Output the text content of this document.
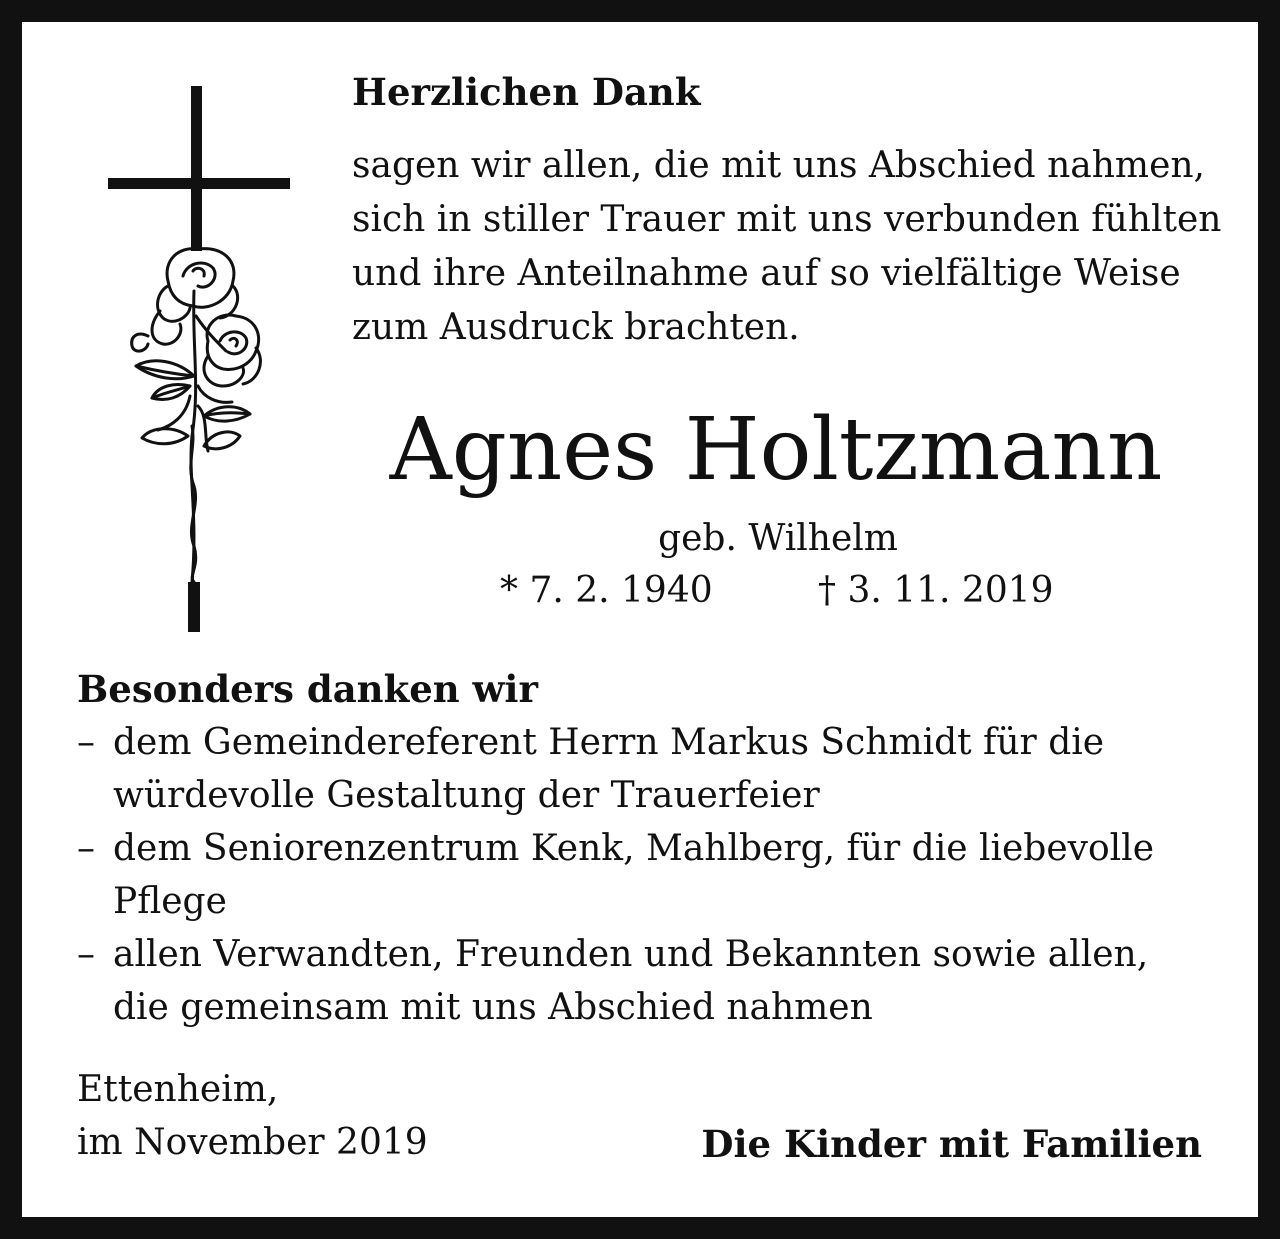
Herzlichen Dank
sagen wir allen, die mit uns Abschied nahmen,
sich in stiller Trauer mit uns verbunden fühlten
und ihre Anteilnahme auf so vielfältige Weise
zum Ausdruck brachten.
Agnes Holtzmann
geb. Wilhelm
* 7. 2. 1940	† 3. 11. 2019
Besonders danken wir
– dem Gemeindereferent Herrn Markus Schmidt für die
würdevolle Gestaltung der Trauerfeier
– dem Seniorenzentrum Kenk, Mahlberg, für die liebevolle
Pflege
– allen Verwandten, Freunden und Bekannten sowie allen,
die gemeinsam mit uns Abschied nahmen
Ettenheim,
im November 2019	Die Kinder mit Familien
